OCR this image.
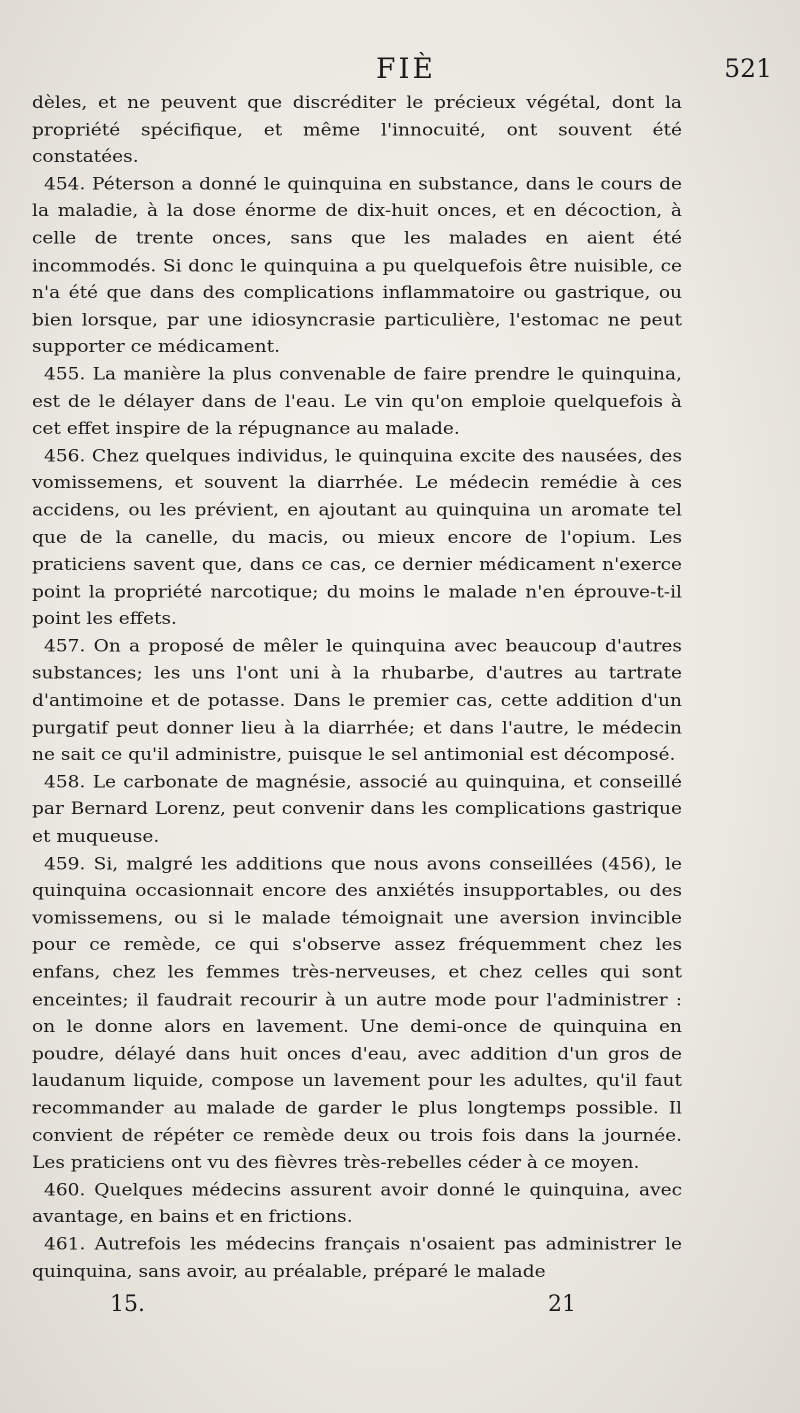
FIÈ	521

dèles, et ne peuvent que discréditer le précieux végétal, dont la propriété spécifique, et même l'innocuité, ont souvent été constatées.

454. Péterson a donné le quinquina en substance, dans le cours de la maladie, à la dose énorme de dix-huit onces, et en décoction, à celle de trente onces, sans que les malades en aient été incommodés. Si donc le quinquina a pu quelquefois être nuisible, ce n'a été que dans des complications inflammatoire ou gastrique, ou bien lorsque, par une idiosyncrasie particulière, l'estomac ne peut supporter ce médicament.

455. La manière la plus convenable de faire prendre le quinquina, est de le délayer dans de l'eau. Le vin qu'on emploie quelquefois à cet effet inspire de la répugnance au malade.

456. Chez quelques individus, le quinquina excite des nausées, des vomissemens, et souvent la diarrhée. Le médecin remédie à ces accidens, ou les prévient, en ajoutant au quinquina un aromate tel que de la canelle, du macis, ou mieux encore de l'opium. Les praticiens savent que, dans ce cas, ce dernier médicament n'exerce point la propriété narcotique; du moins le malade n'en éprouve-t-il point les effets.

457. On a proposé de mêler le quinquina avec beaucoup d'autres substances; les uns l'ont uni à la rhubarbe, d'autres au tartrate d'antimoine et de potasse. Dans le premier cas, cette addition d'un purgatif peut donner lieu à la diarrhée; et dans l'autre, le médecin ne sait ce qu'il administre, puisque le sel antimonial est décomposé.

458. Le carbonate de magnésie, associé au quinquina, et conseillé par Bernard Lorenz, peut convenir dans les complications gastrique et muqueuse.

459. Si, malgré les additions que nous avons conseillées (456), le quinquina occasionnait encore des anxiétés insupportables, ou des vomissemens, ou si le malade témoignait une aversion invincible pour ce remède, ce qui s'observe assez fréquemment chez les enfans, chez les femmes très-nerveuses, et chez celles qui sont enceintes; il faudrait recourir à un autre mode pour l'administrer : on le donne alors en lavement. Une demi-once de quinquina en poudre, délayé dans huit onces d'eau, avec addition d'un gros de laudanum liquide, compose un lavement pour les adultes, qu'il faut recommander au malade de garder le plus longtemps possible. Il convient de répéter ce remède deux ou trois fois dans la journée. Les praticiens ont vu des fièvres très-rebelles céder à ce moyen.

460. Quelques médecins assurent avoir donné le quinquina, avec avantage, en bains et en frictions.

461. Autrefois les médecins français n'osaient pas administrer le quinquina, sans avoir, au préalable, préparé le malade

15.	21
